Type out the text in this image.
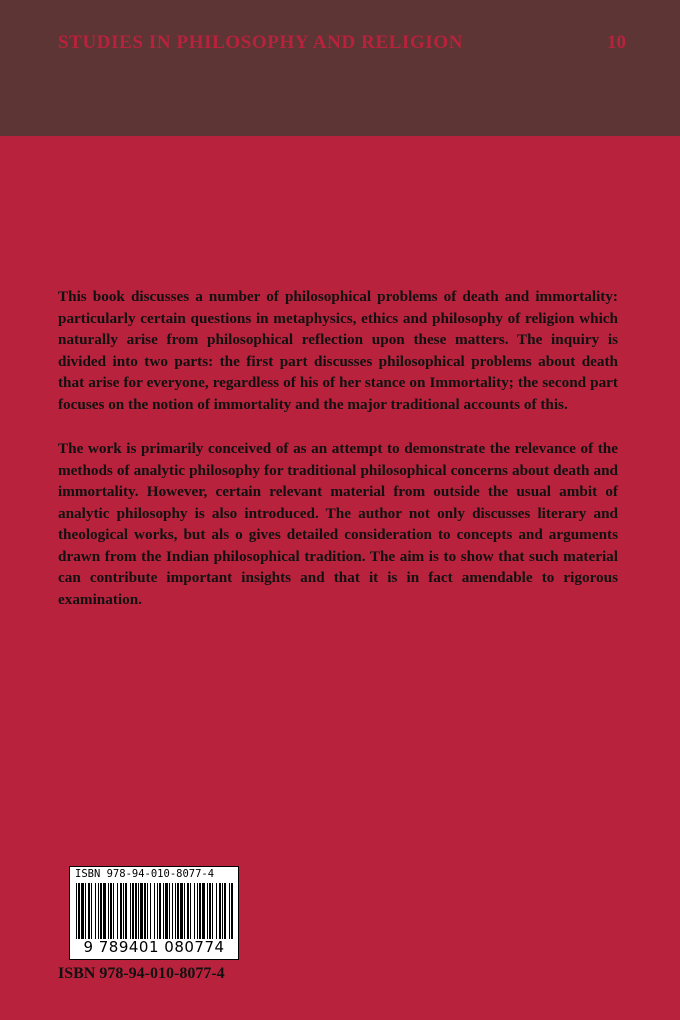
STUDIES IN PHILOSOPHY AND RELIGION	10

This book discusses a number of philosophical problems of death and immortality: particularly certain questions in metaphysics, ethics and philosophy of religion which naturally arise from philosophical reflection upon these matters. The inquiry is divided into two parts: the first part discusses philosophical problems about death that arise for everyone, regardless of his of her stance on Immortality; the second part focuses on the notion of immortality and the major traditional accounts of this.

The work is primarily conceived of as an attempt to demonstrate the relevance of the methods of analytic philosophy for traditional philosophical concerns about death and immortality. However, certain relevant material from outside the usual ambit of analytic philosophy is also introduced. The author not only discusses literary and theological works, but als o gives detailed consideration to concepts and arguments drawn from the Indian philosophical tradition. The aim is to show that such material can contribute important insights and that it is in fact amendable to rigorous examination.

ISBN 978-94-010-8077-4
9 789401 080774
ISBN 978-94-010-8077-4
